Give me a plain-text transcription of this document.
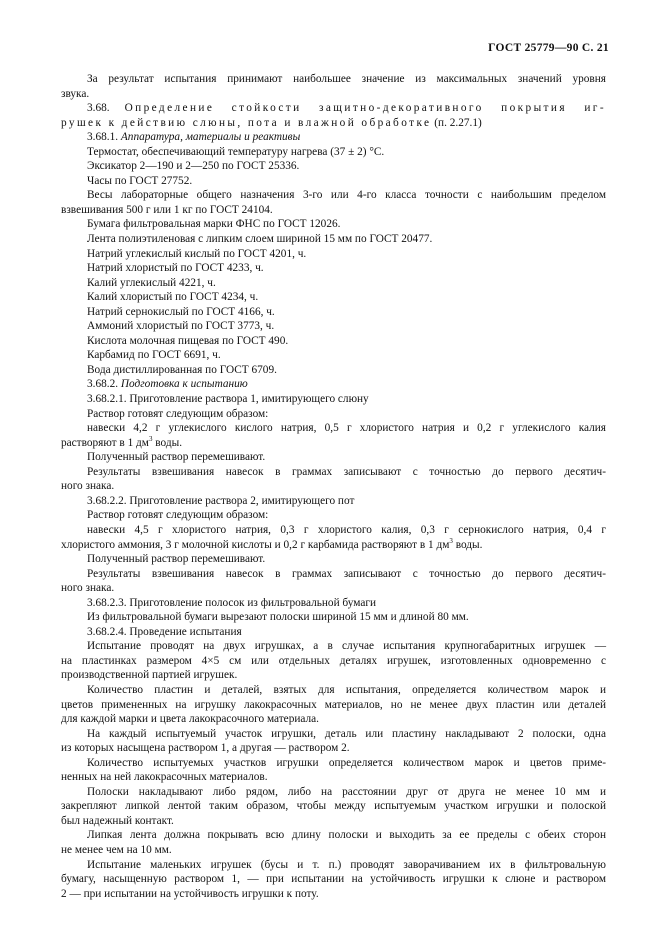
ГОСТ 25779—90 С. 21
За результат испытания принимают наибольшее значение из максимальных значений уровня
звука.
3.68. Определение стойкости защитно-декоративного покрытия иг-
рушек к действию слюны, пота и влажной обработке (п. 2.27.1)
3.68.1. Аппаратура, материалы и реактивы
Термостат, обеспечивающий температуру нагрева (37 ± 2) °С.
Эксикатор 2—190 и 2—250 по ГОСТ 25336.
Часы по ГОСТ 27752.
Весы лабораторные общего назначения 3-го или 4-го класса точности с наибольшим пределом
взвешивания 500 г или 1 кг по ГОСТ 24104.
Бумага фильтровальная марки ФНС по ГОСТ 12026.
Лента полиэтиленовая с липким слоем шириной 15 мм по ГОСТ 20477.
Натрий углекислый кислый по ГОСТ 4201, ч.
Натрий хлористый по ГОСТ 4233, ч.
Калий углекислый 4221, ч.
Калий хлористый по ГОСТ 4234, ч.
Натрий сернокислый по ГОСТ 4166, ч.
Аммоний хлористый по ГОСТ 3773, ч.
Кислота молочная пищевая по ГОСТ 490.
Карбамид по ГОСТ 6691, ч.
Вода дистиллированная по ГОСТ 6709.
3.68.2. Подготовка к испытанию
3.68.2.1. Приготовление раствора 1, имитирующего слюну
Раствор готовят следующим образом:
навески 4,2 г углекислого кислого натрия, 0,5 г хлористого натрия и 0,2 г углекислого калия
растворяют в 1 $дм^3$ воды.
Полученный раствор перемешивают.
Результаты взвешивания навесок в граммах записывают с точностью до первого десятич-
ного знака.
3.68.2.2. Приготовление раствора 2, имитирующего пот
Раствор готовят следующим образом:
навески 4,5 г хлористого натрия, 0,3 г хлористого калия, 0,3 г сернокислого натрия, 0,4 г
хлористого аммония, 3 г молочной кислоты и 0,2 г карбамида растворяют в 1 $дм^3$ воды.
Полученный раствор перемешивают.
Результаты взвешивания навесок в граммах записывают с точностью до первого десятич-
ного знака.
3.68.2.3. Приготовление полосок из фильтровальной бумаги
Из фильтровальной бумаги вырезают полоски шириной 15 мм и длиной 80 мм.
3.68.2.4. Проведение испытания
Испытание проводят на двух игрушках, а в случае испытания крупногабаритных игрушек —
на пластинках размером 4×5 см или отдельных деталях игрушек, изготовленных одновременно с
производственной партией игрушек.
Количество пластин и деталей, взятых для испытания, определяется количеством марок и
цветов примененных на игрушку лакокрасочных материалов, но не менее двух пластин или деталей
для каждой марки и цвета лакокрасочного материала.
На каждый испытуемый участок игрушки, деталь или пластину накладывают 2 полоски, одна
из которых насыщена раствором 1, а другая — раствором 2.
Количество испытуемых участков игрушки определяется количеством марок и цветов приме-
ненных на ней лакокрасочных материалов.
Полоски накладывают либо рядом, либо на расстоянии друг от друга не менее 10 мм и
закрепляют липкой лентой таким образом, чтобы между испытуемым участком игрушки и полоской
был надежный контакт.
Липкая лента должна покрывать всю длину полоски и выходить за ее пределы с обеих сторон
не менее чем на 10 мм.
Испытание маленьких игрушек (бусы и т. п.) проводят заворачиванием их в фильтровальную
бумагу, насыщенную раствором 1, — при испытании на устойчивость игрушки к слюне и раствором
2 — при испытании на устойчивость игрушки к поту.
